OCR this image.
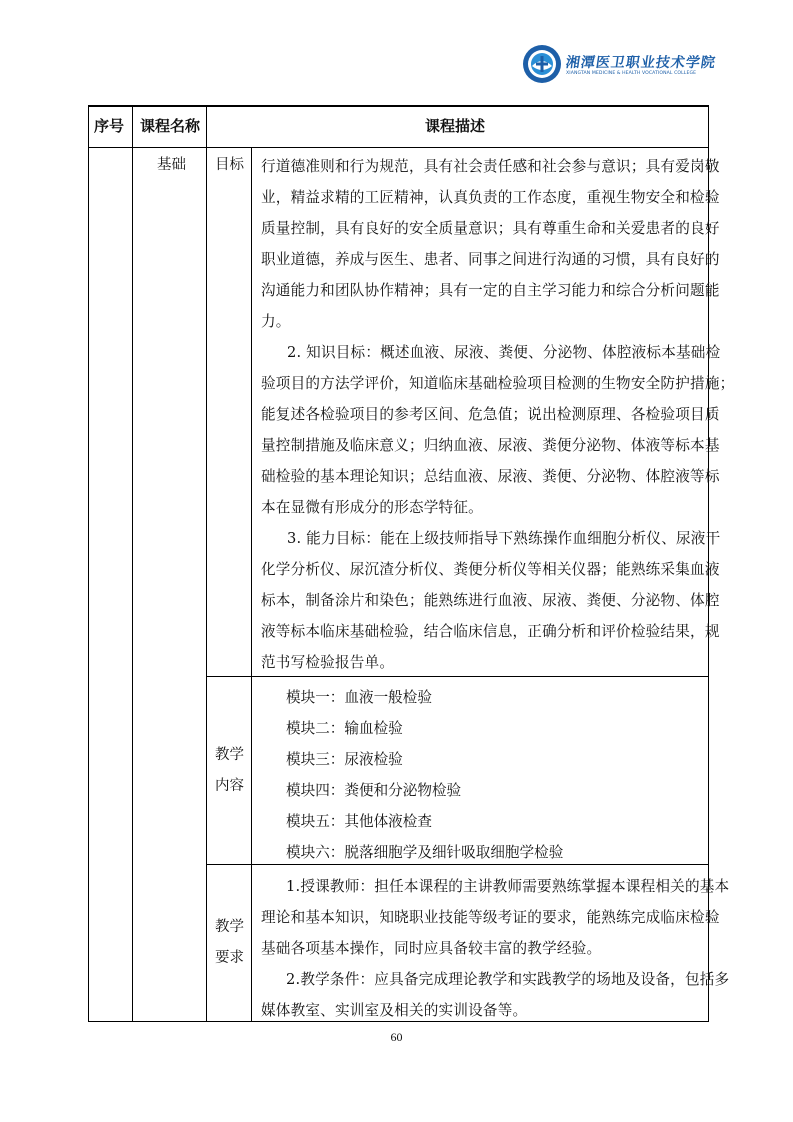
湘潭医卫职业技术学院
XIANGTAN MEDICINE & HEALTH VOCATIONAL COLLEGE
序号 课程名称	课程描述
基础 目标
教学
内容
教学
要求
行道德准则和行为规范，具有社会责任感和社会参与意识；具有爱岗敬
业，精益求精的工匠精神，认真负责的工作态度，重视生物安全和检验
质量控制，具有良好的安全质量意识；具有尊重生命和关爱患者的良好
职业道德，养成与医生、患者、同事之间进行沟通的习惯，具有良好的
沟通能力和团队协作精神；具有一定的自主学习能力和综合分析问题能
力。
2. 知识目标：概述血液、尿液、粪便、分泌物、体腔液标本基础检
验项目的方法学评价，知道临床基础检验项目检测的生物安全防护措施；
能复述各检验项目的参考区间、危急值；说出检测原理、各检验项目质
量控制措施及临床意义；归纳血液、尿液、粪便分泌物、体液等标本基
础检验的基本理论知识；总结血液、尿液、粪便、分泌物、体腔液等标
本在显微有形成分的形态学特征。
3. 能力目标：能在上级技师指导下熟练操作血细胞分析仪、尿液干
化学分析仪、尿沉渣分析仪、粪便分析仪等相关仪器；能熟练采集血液
标本，制备涂片和染色；能熟练进行血液、尿液、粪便、分泌物、体腔
液等标本临床基础检验，结合临床信息，正确分析和评价检验结果，规
范书写检验报告单。
模块一：血液一般检验
模块二：输血检验
模块三：尿液检验
模块四：粪便和分泌物检验
模块五：其他体液检查
模块六：脱落细胞学及细针吸取细胞学检验
1.授课教师：担任本课程的主讲教师需要熟练掌握本课程相关的基本
理论和基本知识，知晓职业技能等级考证的要求，能熟练完成临床检验
基础各项基本操作，同时应具备较丰富的教学经验。
2.教学条件：应具备完成理论教学和实践教学的场地及设备，包括多
媒体教室、实训室及相关的实训设备等。
60
